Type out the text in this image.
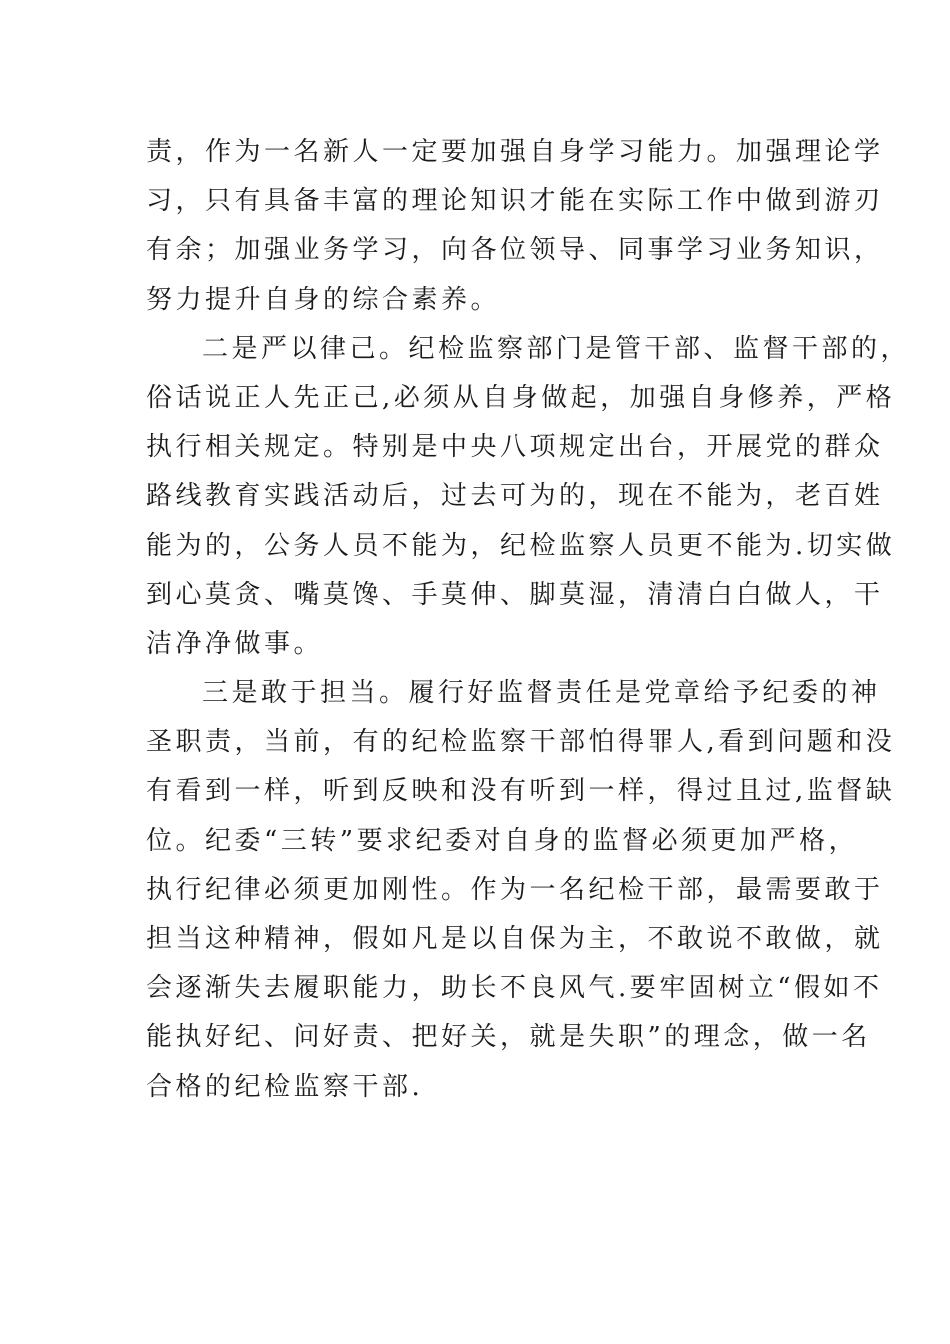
责，作为一名新人一定要加强自身学习能力。加强理论学
习，只有具备丰富的理论知识才能在实际工作中做到游刃
有余；加强业务学习，向各位领导、同事学习业务知识，
努力提升自身的综合素养。
二是严以律己。纪检监察部门是管干部、监督干部的，
俗话说正人先正己,必须从自身做起，加强自身修养，严格
执行相关规定。特别是中央八项规定出台，开展党的群众
路线教育实践活动后，过去可为的，现在不能为，老百姓
能为的，公务人员不能为，纪检监察人员更不能为.切实做
到心莫贪、嘴莫馋、手莫伸、脚莫湿，清清白白做人，干
洁净净做事。
三是敢于担当。履行好监督责任是党章给予纪委的神
圣职责，当前，有的纪检监察干部怕得罪人,看到问题和没
有看到一样，听到反映和没有听到一样，得过且过,监督缺
位。纪委“三转”要求纪委对自身的监督必须更加严格，
执行纪律必须更加刚性。作为一名纪检干部，最需要敢于
担当这种精神，假如凡是以自保为主，不敢说不敢做，就
会逐渐失去履职能力，助长不良风气.要牢固树立“假如不
能执好纪、问好责、把好关，就是失职”的理念，做一名
合格的纪检监察干部.
